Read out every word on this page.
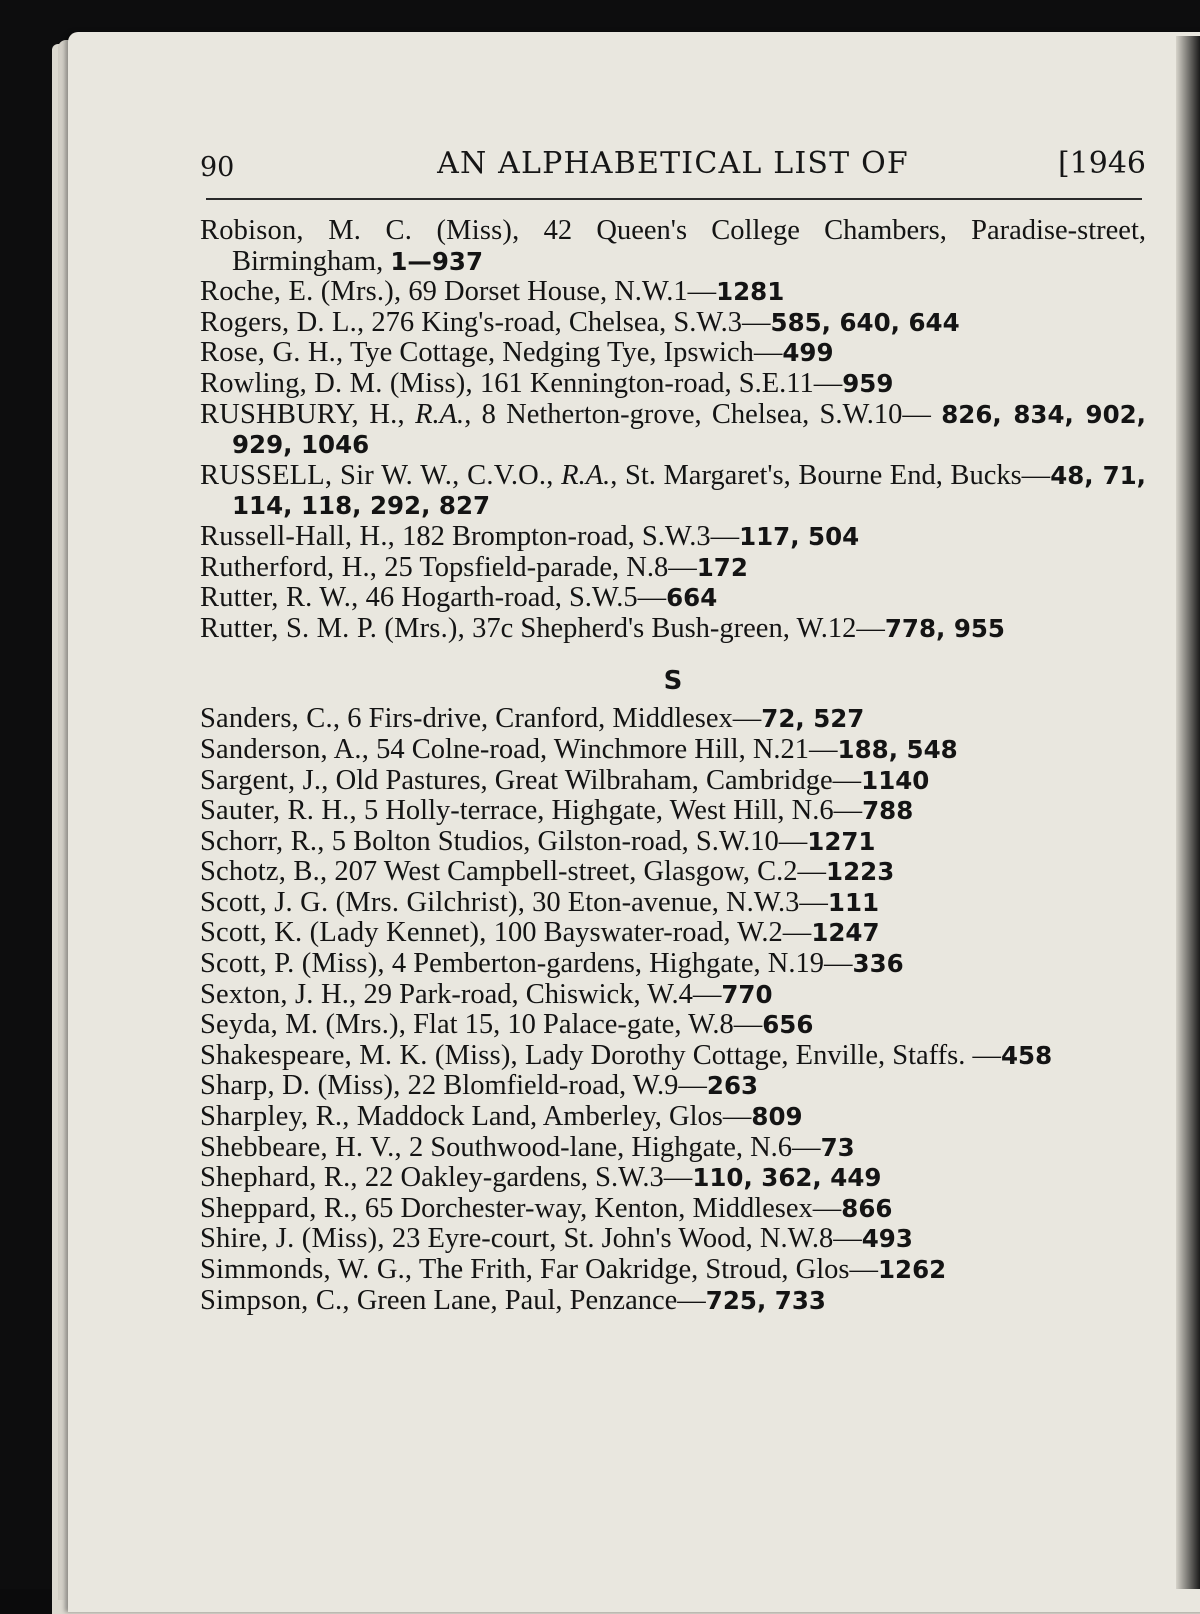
90	AN ALPHABETICAL LIST OF	[1946
Robison, M. C. (Miss), 42 Queen's College Chambers, Paradise-street, Birmingham, 1—937
Roche, E. (Mrs.), 69 Dorset House, N.W.1—1281
Rogers, D. L., 276 King's-road, Chelsea, S.W.3—585, 640, 644
Rose, G. H., Tye Cottage, Nedging Tye, Ipswich—499
Rowling, D. M. (Miss), 161 Kennington-road, S.E.11—959
RUSHBURY, H., R.A., 8 Netherton-grove, Chelsea, S.W.10— 826, 834, 902, 929, 1046
RUSSELL, Sir W. W., C.V.O., R.A., St. Margaret's, Bourne End, Bucks—48, 71, 114, 118, 292, 827
Russell-Hall, H., 182 Brompton-road, S.W.3—117, 504
Rutherford, H., 25 Topsfield-parade, N.8—172
Rutter, R. W., 46 Hogarth-road, S.W.5—664
Rutter, S. M. P. (Mrs.), 37c Shepherd's Bush-green, W.12—778, 955
S
Sanders, C., 6 Firs-drive, Cranford, Middlesex—72, 527
Sanderson, A., 54 Colne-road, Winchmore Hill, N.21—188, 548
Sargent, J., Old Pastures, Great Wilbraham, Cambridge—1140
Sauter, R. H., 5 Holly-terrace, Highgate, West Hill, N.6—788
Schorr, R., 5 Bolton Studios, Gilston-road, S.W.10—1271
Schotz, B., 207 West Campbell-street, Glasgow, C.2—1223
Scott, J. G. (Mrs. Gilchrist), 30 Eton-avenue, N.W.3—111
Scott, K. (Lady Kennet), 100 Bayswater-road, W.2—1247
Scott, P. (Miss), 4 Pemberton-gardens, Highgate, N.19—336
Sexton, J. H., 29 Park-road, Chiswick, W.4—770
Seyda, M. (Mrs.), Flat 15, 10 Palace-gate, W.8—656
Shakespeare, M. K. (Miss), Lady Dorothy Cottage, Enville, Staffs. —458
Sharp, D. (Miss), 22 Blomfield-road, W.9—263
Sharpley, R., Maddock Land, Amberley, Glos—809
Shebbeare, H. V., 2 Southwood-lane, Highgate, N.6—73
Shephard, R., 22 Oakley-gardens, S.W.3—110, 362, 449
Sheppard, R., 65 Dorchester-way, Kenton, Middlesex—866
Shire, J. (Miss), 23 Eyre-court, St. John's Wood, N.W.8—493
Simmonds, W. G., The Frith, Far Oakridge, Stroud, Glos—1262
Simpson, C., Green Lane, Paul, Penzance—725, 733
